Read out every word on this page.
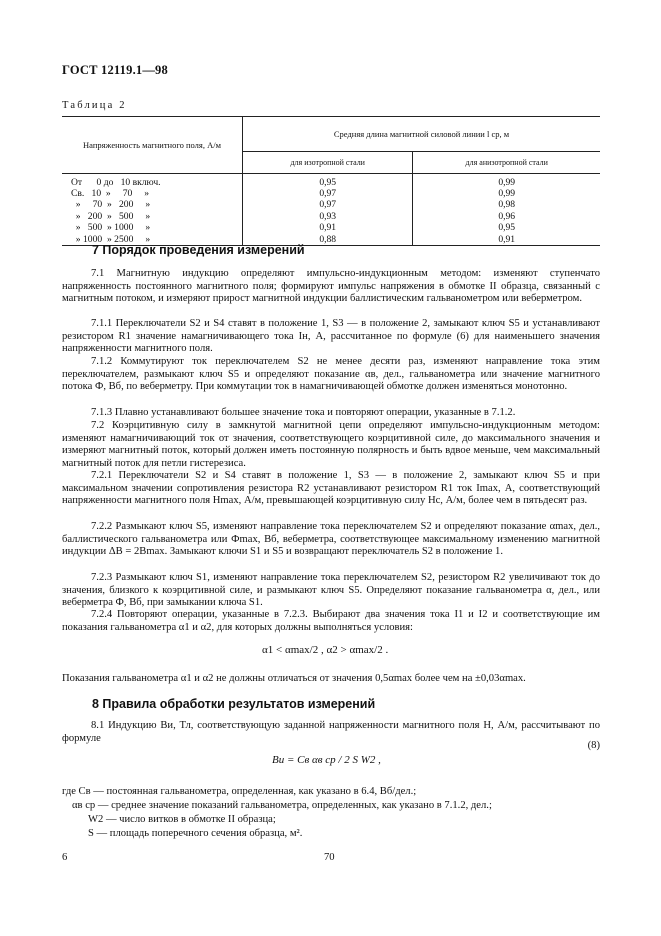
ГОСТ 12119.1—98
Таблица 2
Напряженность магнитного поля, А/м	Средняя длина магнитной силовой линии l ср, м	
	для изотропной стали	для анизотропной стали

От      0 до   10 включ.	0,95	0,99
Св.   10  »     70     »	0,97	0,99
»     70  »   200     »	0,97	0,98
»   200  »   500     »	0,93	0,96
»   500  » 1000     »	0,91	0,95
» 1000  » 2500     »	0,88	0,91
7 Порядок проведения измерений
7.1 Магнитную индукцию определяют импульсно-индукционным методом: изменяют ступенчато напряженность постоянного магнитного поля; формируют импульс напряжения в обмотке II образца, связанный с магнитным потоком, и измеряют прирост магнитной индукции баллистическим гальванометром или веберметром.
7.1.1 Переключатели S2 и S4 ставят в положение 1, S3 — в положение 2, замыкают ключ S5 и устанавливают резистором R1 значение намагничивающего тока Iн, А, рассчитанное по формуле (6) для наименьшего значения напряженности магнитного поля.
7.1.2 Коммутируют ток переключателем S2 не менее десяти раз, изменяют направление тока этим переключателем, размыкают ключ S5 и определяют показание αв, дел., гальванометра или значение магнитного потока Ф, Вб, по веберметру. При коммутации ток в намагничивающей обмотке должен изменяться монотонно.
7.1.3 Плавно устанавливают большее значение тока и повторяют операции, указанные в 7.1.2.
7.2 Коэрцитивную силу в замкнутой магнитной цепи определяют импульсно-индукционным методом: изменяют намагничивающий ток от значения, соответствующего коэрцитивной силе, до максимального значения и измеряют магнитный поток, который должен иметь постоянную полярность и быть вдвое меньше, чем максимальный магнитный поток для петли гистерезиса.
7.2.1 Переключатели S2 и S4 ставят в положение 1, S3 — в положение 2, замыкают ключ S5 и при максимальном значении сопротивления резистора R2 устанавливают резистором R1 ток Imax, А, соответствующий напряженности магнитного поля Hmax, А/м, превышающей коэрцитивную силу Hc, А/м, более чем в пятьдесят раз.
7.2.2 Размыкают ключ S5, изменяют направление тока переключателем S2 и определяют показание αmax, дел., баллистического гальванометра или Фmax, Вб, веберметра, соответствующее максимальному изменению магнитной индукции ΔB = 2Bmax. Замыкают ключи S1 и S5 и возвращают переключатель S2 в положение 1.
7.2.3 Размыкают ключ S1, изменяют направление тока переключателем S2, резистором R2 увеличивают ток до значения, близкого к коэрцитивной силе, и размыкают ключ S5. Определяют показание гальванометра α, дел., или веберметра Ф, Вб, при замыкании ключа S1.
7.2.4 Повторяют операции, указанные в 7.2.3. Выбирают два значения тока I1 и I2 и соответствующие им показания гальванометра α1 и α2, для которых должны выполняться условия:
α1 < αmax/2 , α2 > αmax/2 .
Показания гальванометра α1 и α2 не должны отличаться от значения 0,5αmax более чем на ±0,03αmax.
8 Правила обработки результатов измерений
8.1 Индукцию Bи, Тл, соответствующую заданной напряженности магнитного поля H, А/м, рассчитывают по формуле
Bи = Cв αв ср / 2 S W2 ,
(8)
где Cв — постоянная гальванометра, определенная, как указано в 6.4, Вб/дел.;
αв ср — среднее значение показаний гальванометра, определенных, как указано в 7.1.2, дел.;
W2 — число витков в обмотке II образца;
S — площадь поперечного сечения образца, м².
6	70
